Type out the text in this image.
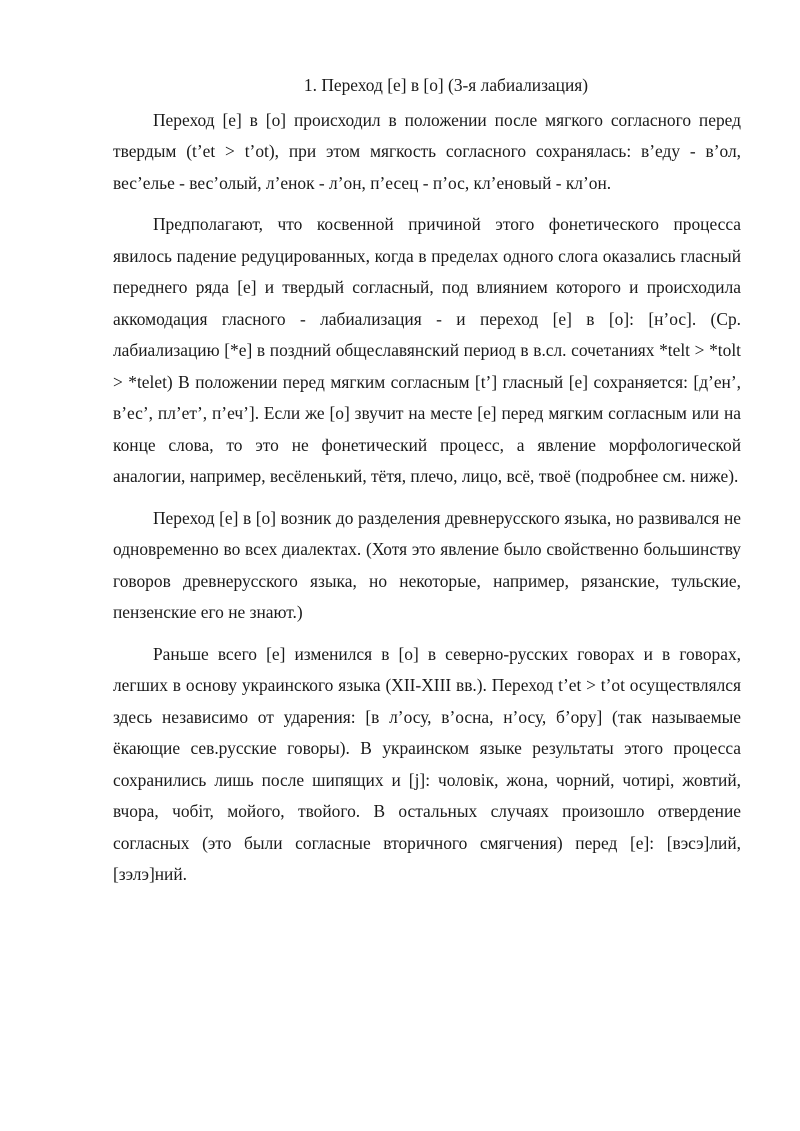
1. Переход [е] в [о] (3-я лабиализация)

Переход [е] в [о] происходил в положении после мягкого согласного перед твердым (t’et > t’ot), при этом мягкость согласного сохранялась: в’еду - в’ол, вес’елье - вес’олый, л’енок - л’он, п’есец - п’ос, кл’еновый - кл’он.

Предполагают, что косвенной причиной этого фонетического процесса явилось падение редуцированных, когда в пределах одного слога оказались гласный переднего ряда [е] и твердый согласный, под влиянием которого и происходила аккомодация гласного - лабиализация - и переход [е] в [о]: [н’ос]. (Ср. лабиализацию [*е] в поздний общеславянский период в в.сл. сочетаниях *telt > *tolt > *telet) В положении перед мягким согласным [t’] гласный [е] сохраняется: [д’ен’, в’ес’, пл’ет’, п’еч’]. Если же [о] звучит на месте [е] перед мягким согласным или на конце слова, то это не фонетический процесс, а явление морфологической аналогии, например, весёленький, тётя, плечо, лицо, всё, твоё (подробнее см. ниже).

Переход [е] в [о] возник до разделения древнерусского языка, но развивался не одновременно во всех диалектах. (Хотя это явление было свойственно большинству говоров древнерусского языка, но некоторые, например, рязанские, тульские, пензенские его не знают.)

Раньше всего [е] изменился в [о] в северно-русских говорах и в говорах, легших в основу украинского языка (XII-XIII вв.). Переход t’et > t’ot осуществлялся здесь независимо от ударения: [в л’осу, в’осна, н’осу, б’ору] (так называемые ёкающие сев.русские говоры). В украинском языке результаты этого процесса сохранились лишь после шипящих и [j]: чоловiк, жона, чорний, чотирi, жовтий, вчора, чобiт, мойого, твойого. В остальных случаях произошло отвердение согласных (это были согласные вторичного смягчения) перед [е]: [вэсэ]лий, [зэлэ]ний.
